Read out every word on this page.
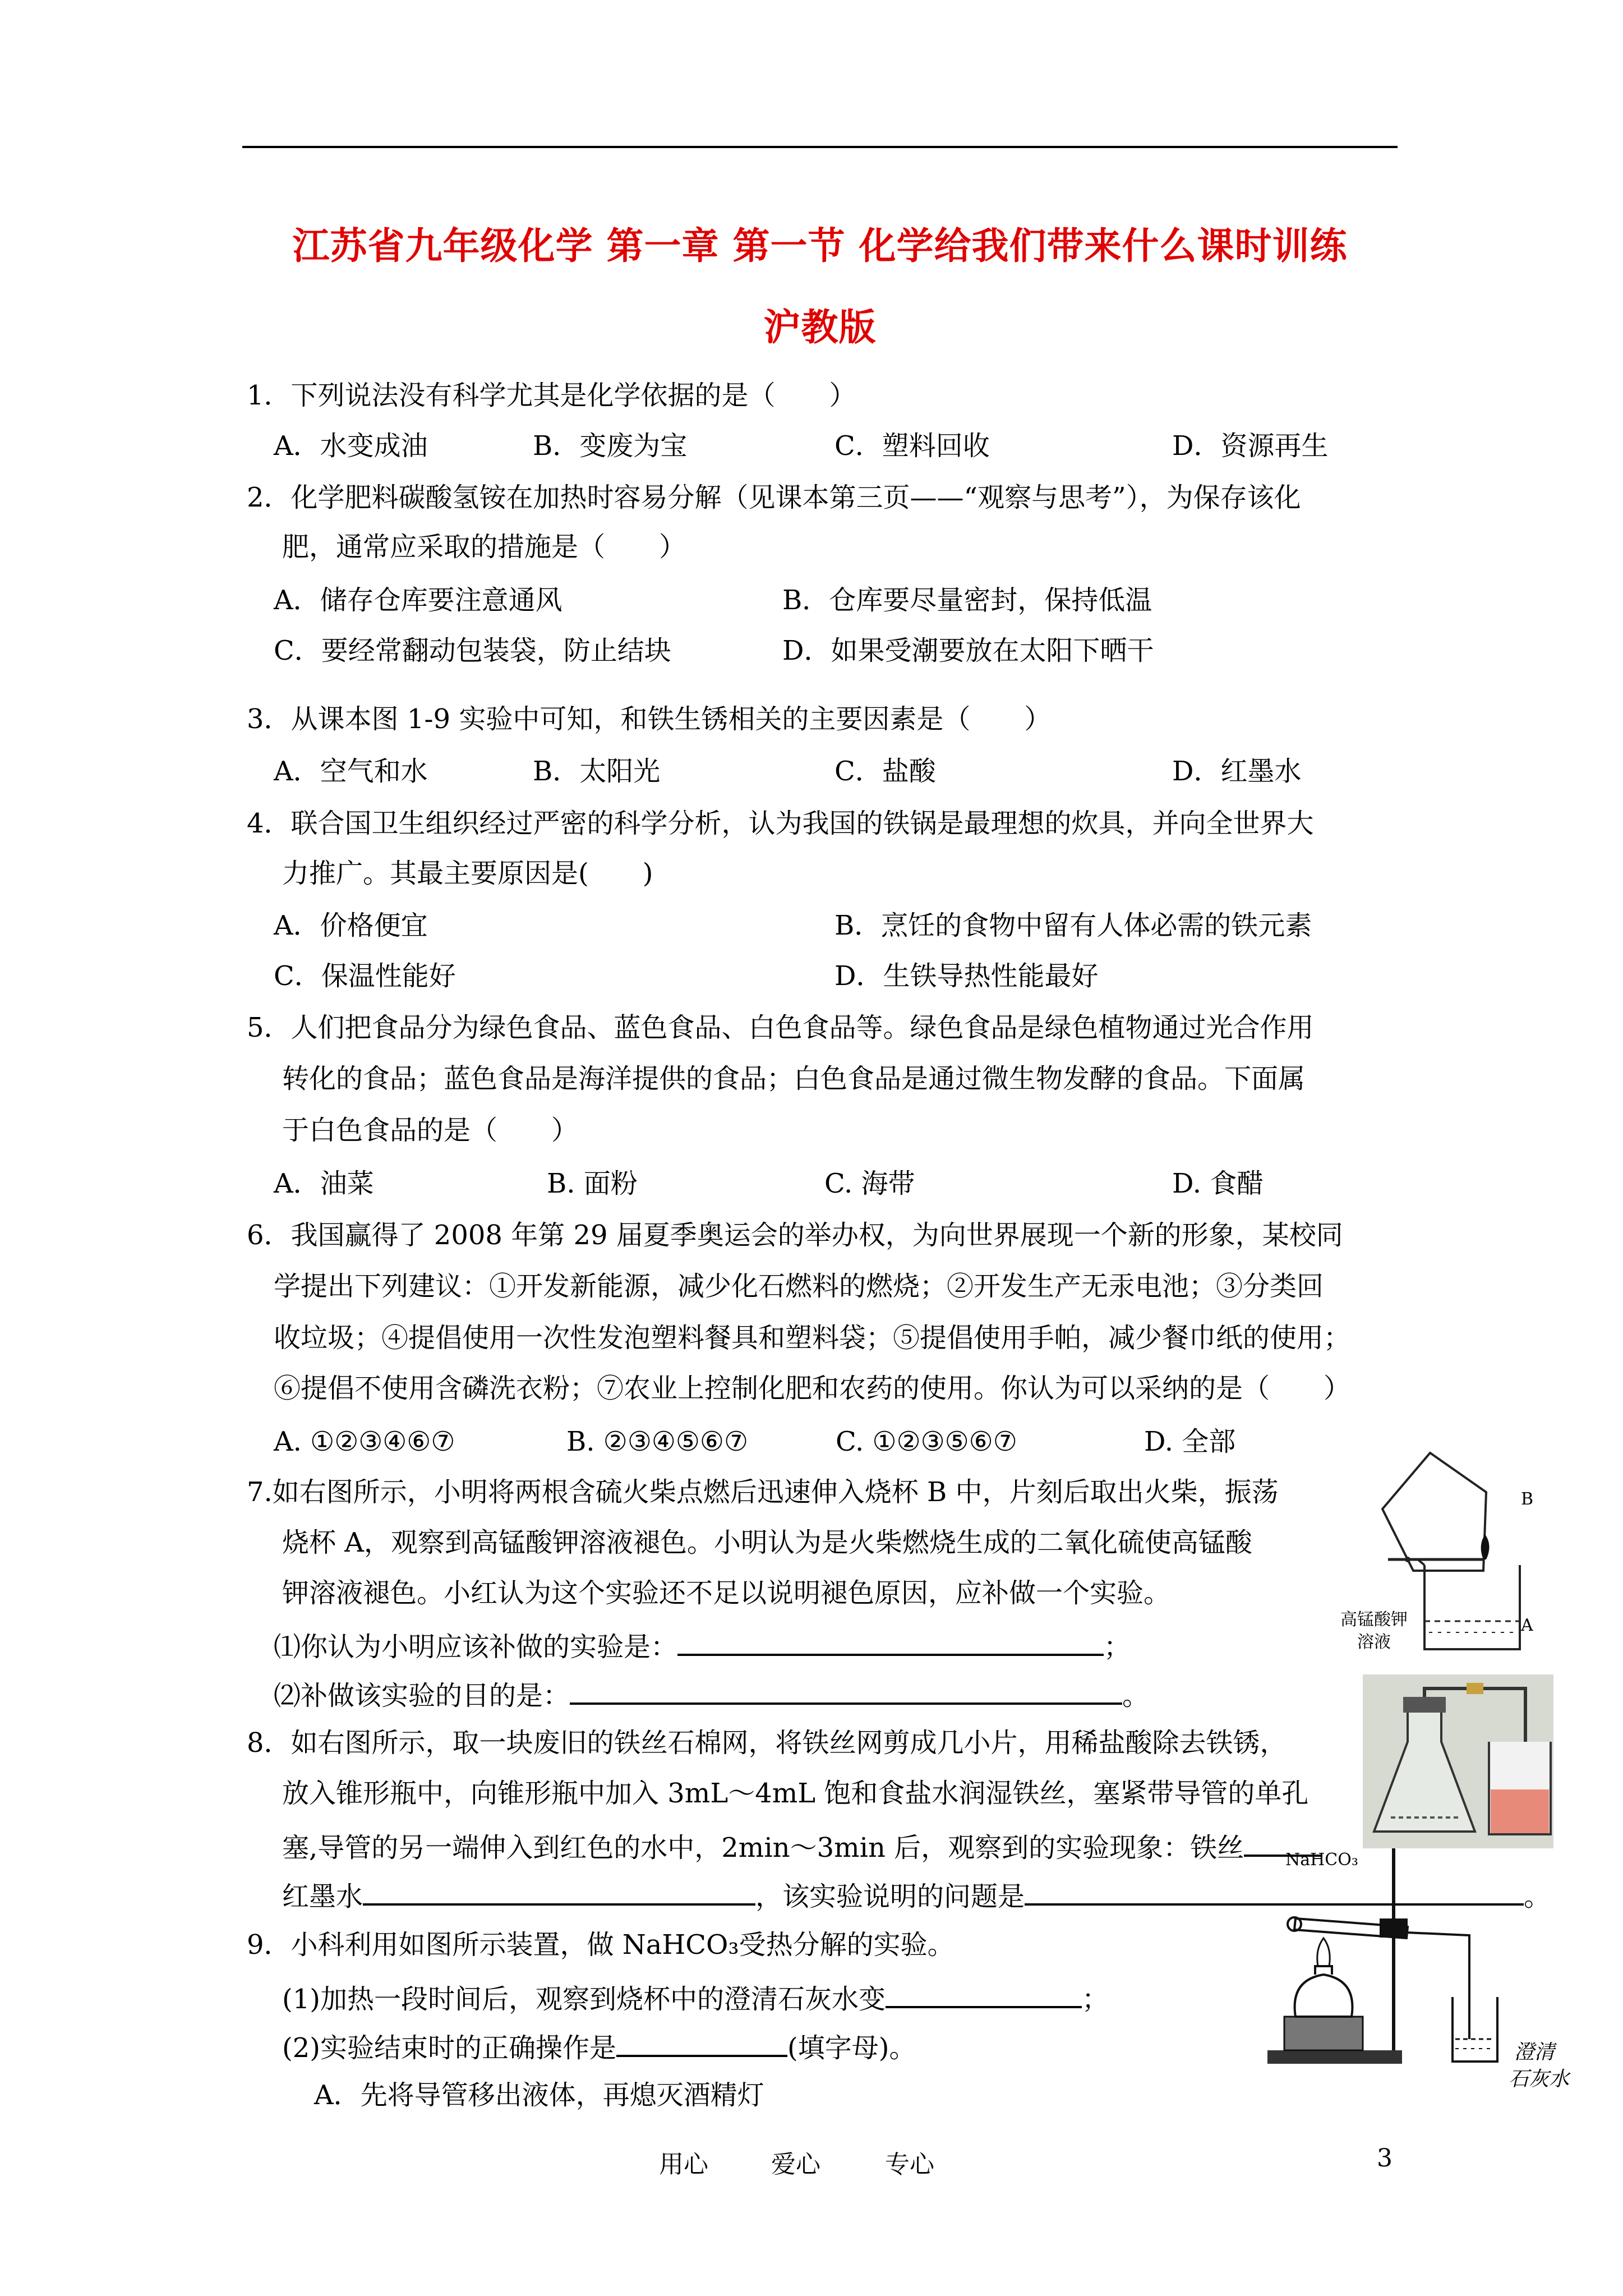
江苏省九年级化学 第一章 第一节 化学给我们带来什么课时训练
沪教版
1．下列说法没有科学尤其是化学依据的是（　　）
A．水变成油	B．变废为宝	C．塑料回收	D．资源再生
2．化学肥料碳酸氢铵在加热时容易分解（见课本第三页——“观察与思考”），为保存该化
肥，通常应采取的措施是（　　）
A．储存仓库要注意通风	B．仓库要尽量密封，保持低温
C．要经常翻动包装袋，防止结块	D．如果受潮要放在太阳下晒干
3．从课本图 1-9 实验中可知，和铁生锈相关的主要因素是（　　）
A．空气和水	B．太阳光	C．盐酸	D．红墨水
4．联合国卫生组织经过严密的科学分析，认为我国的铁锅是最理想的炊具，并向全世界大
力推广。其最主要原因是(　　)
A．价格便宜	B．烹饪的食物中留有人体必需的铁元素
C．保温性能好	D．生铁导热性能最好
5．人们把食品分为绿色食品、蓝色食品、白色食品等。绿色食品是绿色植物通过光合作用
转化的食品；蓝色食品是海洋提供的食品；白色食品是通过微生物发酵的食品。下面属
于白色食品的是（　　）
A．油菜	B. 面粉	C. 海带	D. 食醋
6．我国赢得了 2008 年第 29 届夏季奥运会的举办权，为向世界展现一个新的形象，某校同
学提出下列建议：①开发新能源，减少化石燃料的燃烧；②开发生产无汞电池；③分类回
收垃圾；④提倡使用一次性发泡塑料餐具和塑料袋；⑤提倡使用手帕，减少餐巾纸的使用；
⑥提倡不使用含磷洗衣粉；⑦农业上控制化肥和农药的使用。你认为可以采纳的是（　　）
A. ①②③④⑥⑦	B. ②③④⑤⑥⑦	C. ①②③⑤⑥⑦	D. 全部
7.如右图所示，小明将两根含硫火柴点燃后迅速伸入烧杯 B 中，片刻后取出火柴，振荡
烧杯 A，观察到高锰酸钾溶液褪色。小明认为是火柴燃烧生成的二氧化硫使高锰酸
钾溶液褪色。小红认为这个实验还不足以说明褪色原因，应补做一个实验。
⑴你认为小明应该补做的实验是：	；
⑵补做该实验的目的是：	。
8．如右图所示，取一块废旧的铁丝石棉网，将铁丝网剪成几小片，用稀盐酸除去铁锈，
放入锥形瓶中，向锥形瓶中加入 3mL～4mL 饱和食盐水润湿铁丝，塞紧带导管的单孔
塞,导管的另一端伸入到红色的水中，2min～3min 后，观察到的实验现象：铁丝
红墨水	，该实验说明的问题是	。
9．小科利用如图所示装置，做 NaHCO₃受热分解的实验。
(1)加热一段时间后，观察到烧杯中的澄清石灰水变	；
(2)实验结束时的正确操作是	(填字母)。
A．先将导管移出液体，再熄灭酒精灯
B
A
高锰酸钾
溶液
NaHCO₃
澄清
石灰水
用心	爱心	专心	3
